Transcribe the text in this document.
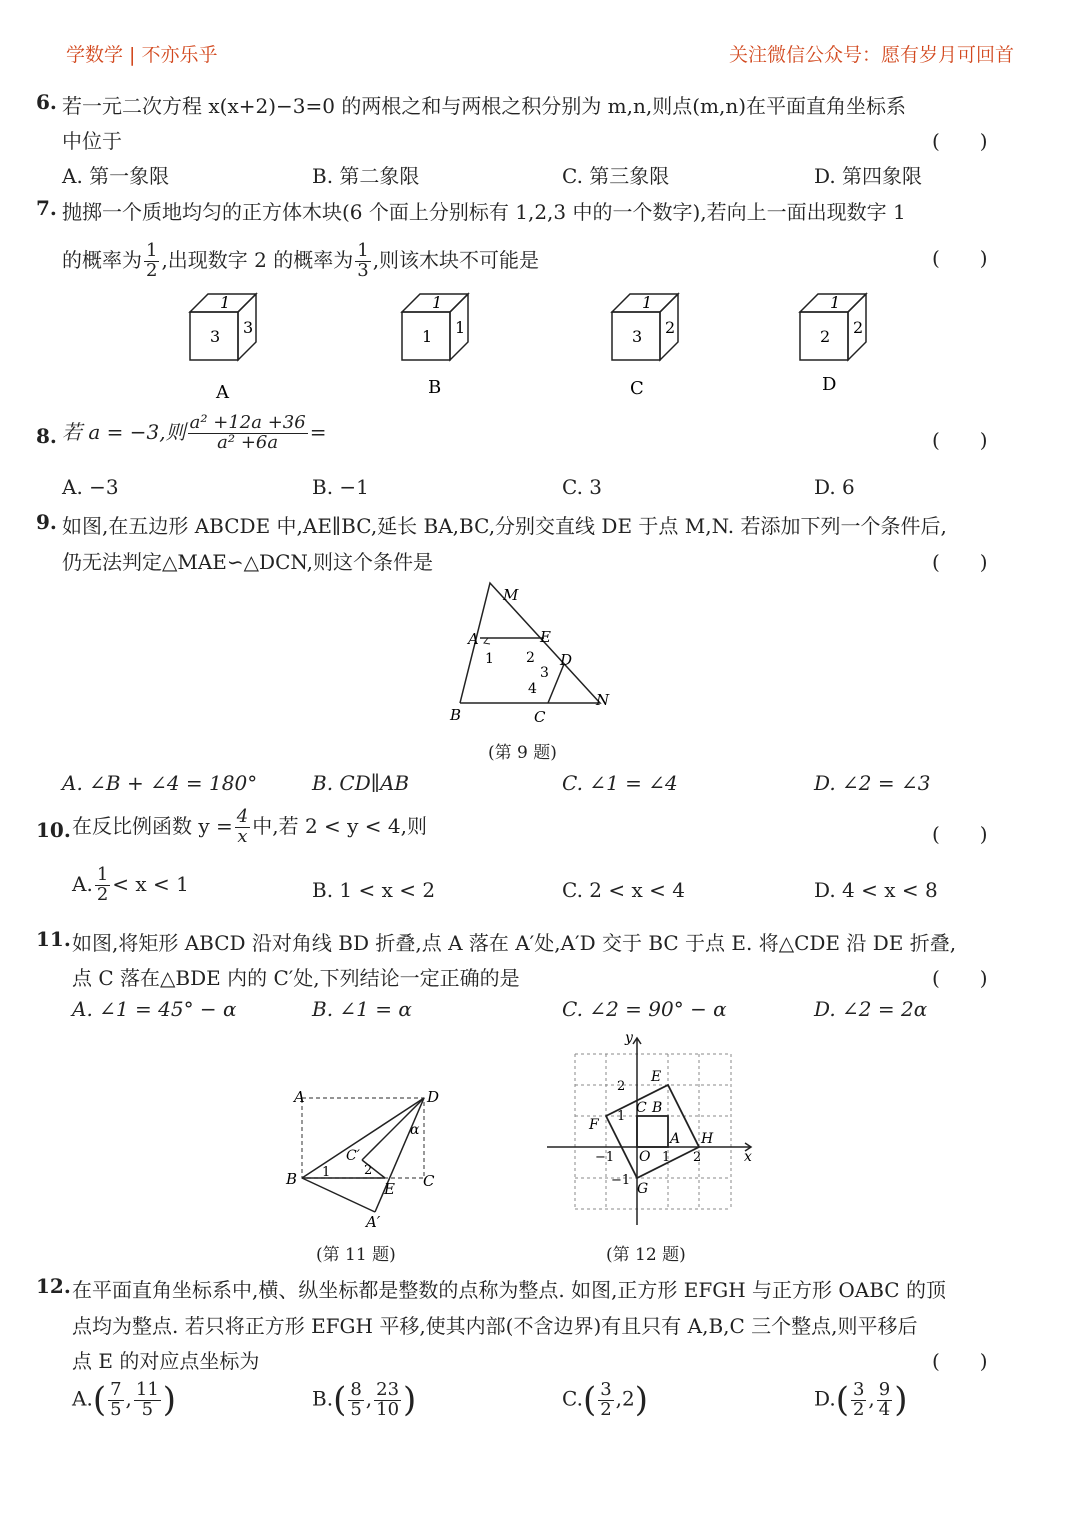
学数学 | 不亦乐乎	关注微信公众号：愿有岁月可回首
6. 若一元二次方程 x(x+2)−3=0 的两根之和与两根之积分别为 m,n,则点(m,n)在平面直角坐标系
中位于	(　　)
A. 第一象限	B. 第二象限	C. 第三象限	D. 第四象限
7. 抛掷一个质地均匀的正方体木块(6 个面上分别标有 1,2,3 中的一个数字),若向上一面出现数字 1
的概率为 $\frac{1}{2}$ ,出现数字 2 的概率为 $\frac{1}{3}$ ,则该木块不可能是	(　　)
1
3 3
A
1
1 1
B
1
3 2
C
1
2 2
D
8. 若 a = −3,则 $\frac{\text{a² +12a +36}}{\text{a² +6a}}$ =	(　　)
A. −3	B. −1	C. 3	D. 6
9. 如图,在五边形 ABCDE 中,AE∥BC,延长 BA,BC,分别交直线 DE 于点 M,N. 若添加下列一个条件后,
仍无法判定△MAE∽△DCN,则这个条件是	(　　)
M
A	E
D
B	C
N
1 2
3
4
(第 9 题)
A. ∠B + ∠4 = 180°	B. CD∥AB	C. ∠1 = ∠4	D. ∠2 = ∠3
10. 在反比例函数 $y = \frac{4}{x}$ 中,若 2 < y < 4,则	(　　)
A. $\frac{1}{2} < x < 1$	B. 1 < x < 2	C. 2 < x < 4	D. 4 < x < 8
11. 如图,将矩形 ABCD 沿对角线 BD 折叠,点 A 落在 A′处,A′D 交于 BC 于点 E. 将△CDE 沿 DE 折叠,
点 C 落在△BDE 内的 C′处,下列结论一定正确的是	(　　)
A. ∠1 = 45° − α	B. ∠1 = α	C. ∠2 = 90° − α	D. ∠2 = 2α
A	D
B	C
C′
E
A′
1	2
α
(第 11 题)
y
x
O
E
F
G
H
A
B
C
2
1
−1
−1	1 2
(第 12 题)
12. 在平面直角坐标系中,横、纵坐标都是整数的点称为整点. 如图,正方形 EFGH 与正方形 OABC 的顶
点均为整点. 若只将正方形 EFGH 平移,使其内部(不含边界)有且只有 A,B,C 三个整点,则平移后
点 E 的对应点坐标为	(　　)
$A.( \frac{7}{5}$ , $\frac{11}{5}$ )	$B.( \frac{8}{5}$ , $\frac{23}{10}$ )	$C.( \frac{3}{2} ,2)$	$D.( \frac{3}{2}$ , $\frac{9}{4}$ )
